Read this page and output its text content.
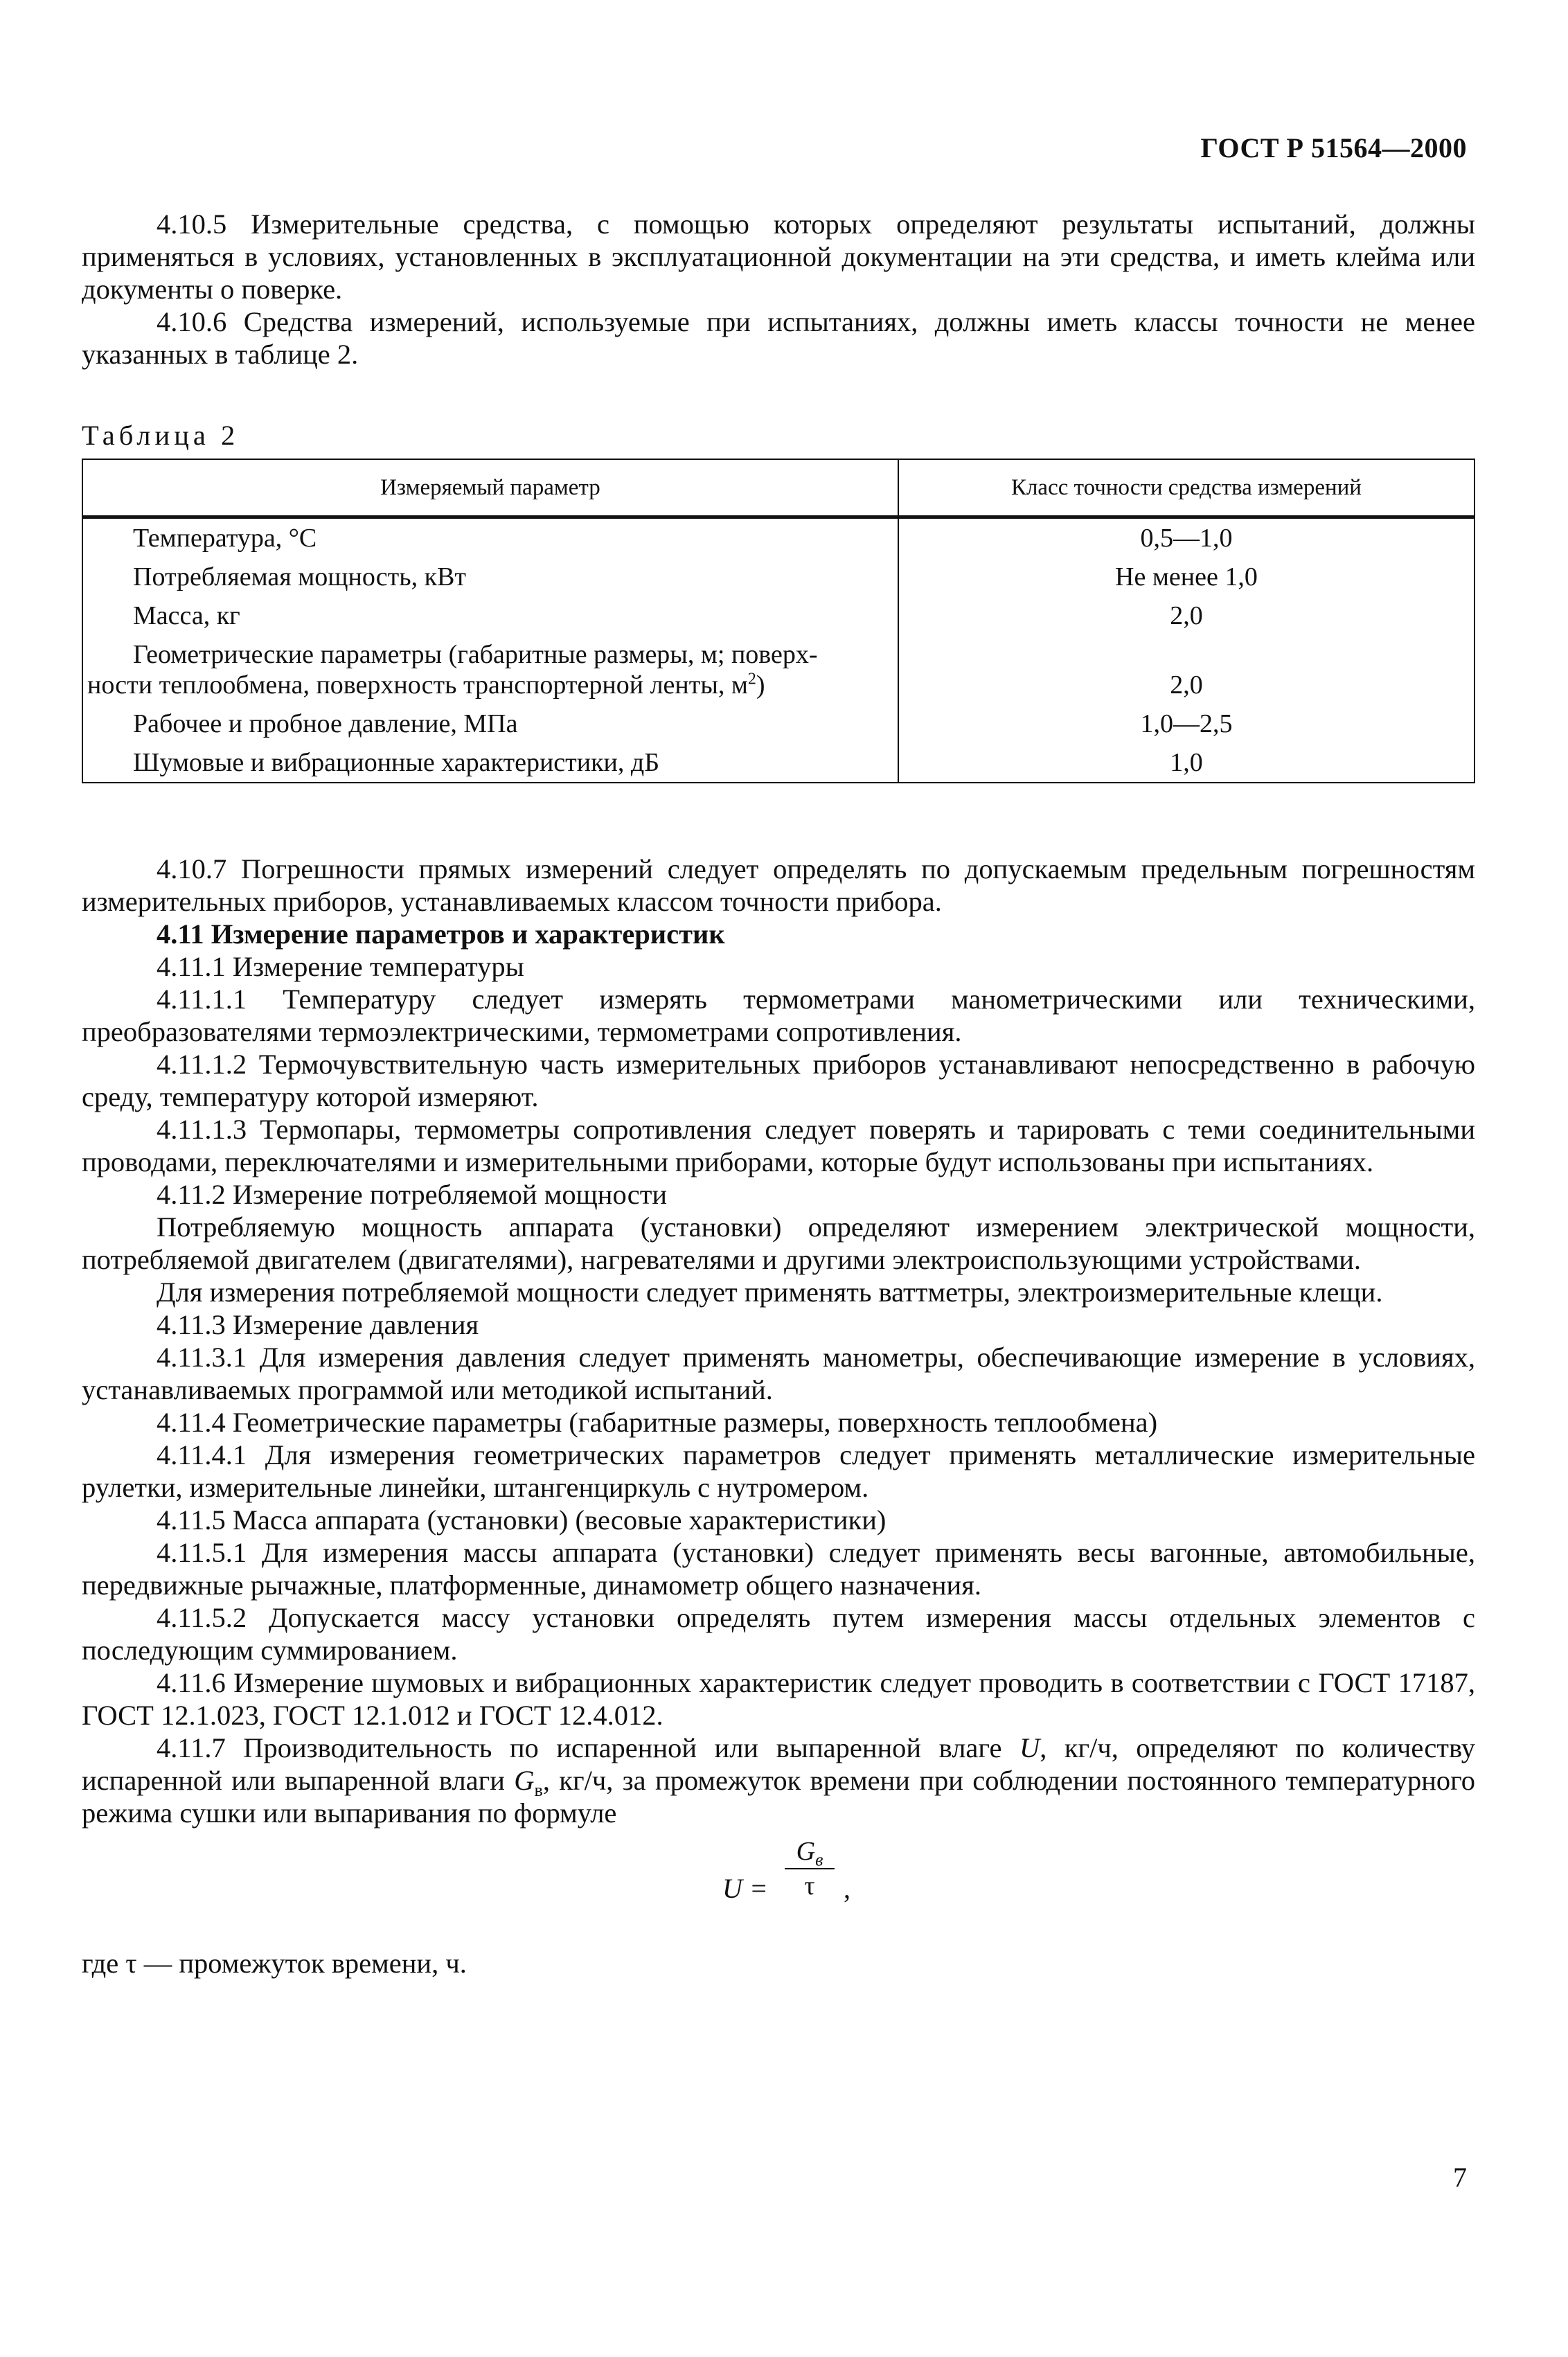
ГОСТ Р 51564—2000

4.10.5 Измерительные средства, с помощью которых определяют результаты испытаний, должны применяться в условиях, установленных в эксплуатационной документации на эти средства, и иметь клейма или документы о поверке.

4.10.6 Средства измерений, используемые при испытаниях, должны иметь классы точности не менее указанных в таблице 2.

Таблица 2
Измеряемый параметр	Класс точности средства измерений
Температура, °С	0,5—1,0
Потребляемая мощность, кВт	Не менее 1,0
Масса, кг	2,0
Геометрические параметры (габаритные размеры, м; поверх-
ности теплообмена, поверхность транспортерной ленты, $м^2$)	2,0
Рабочее и пробное давление, МПа	1,0—2,5
Шумовые и вибрационные характеристики, дБ	1,0

4.10.7 Погрешности прямых измерений следует определять по допускаемым предельным погрешностям измерительных приборов, устанавливаемых классом точности прибора.

4.11 Измерение параметров и характеристик

4.11.1 Измерение температуры

4.11.1.1 Температуру следует измерять термометрами манометрическими или техническими, преобразователями термоэлектрическими, термометрами сопротивления.

4.11.1.2 Термочувствительную часть измерительных приборов устанавливают непосредственно в рабочую среду, температуру которой измеряют.

4.11.1.3 Термопары, термометры сопротивления следует поверять и тарировать с теми соединительными проводами, переключателями и измерительными приборами, которые будут использованы при испытаниях.

4.11.2 Измерение потребляемой мощности

Потребляемую мощность аппарата (установки) определяют измерением электрической мощности, потребляемой двигателем (двигателями), нагревателями и другими электроиспользующими устройствами.

Для измерения потребляемой мощности следует применять ваттметры, электроизмерительные клещи.

4.11.3 Измерение давления

4.11.3.1 Для измерения давления следует применять манометры, обеспечивающие измерение в условиях, устанавливаемых программой или методикой испытаний.

4.11.4 Геометрические параметры (габаритные размеры, поверхность теплообмена)

4.11.4.1 Для измерения геометрических параметров следует применять металлические измерительные рулетки, измерительные линейки, штангенциркуль с нутромером.

4.11.5 Масса аппарата (установки) (весовые характеристики)

4.11.5.1 Для измерения массы аппарата (установки) следует применять весы вагонные, автомобильные, передвижные рычажные, платформенные, динамометр общего назначения.

4.11.5.2 Допускается массу установки определять путем измерения массы отдельных элементов с последующим суммированием.

4.11.6 Измерение шумовых и вибрационных характеристик следует проводить в соответствии с ГОСТ 17187, ГОСТ 12.1.023, ГОСТ 12.1.012 и ГОСТ 12.4.012.

4.11.7 Производительность по испаренной или выпаренной влаге U, кг/ч, определяют по количеству испаренной или выпаренной влаги $G_в$, кг/ч, за промежуток времени при соблюдении постоянного температурного режима сушки или выпаривания по формуле

U =
$G_в$
τ	,

где τ — промежуток времени, ч.

7
